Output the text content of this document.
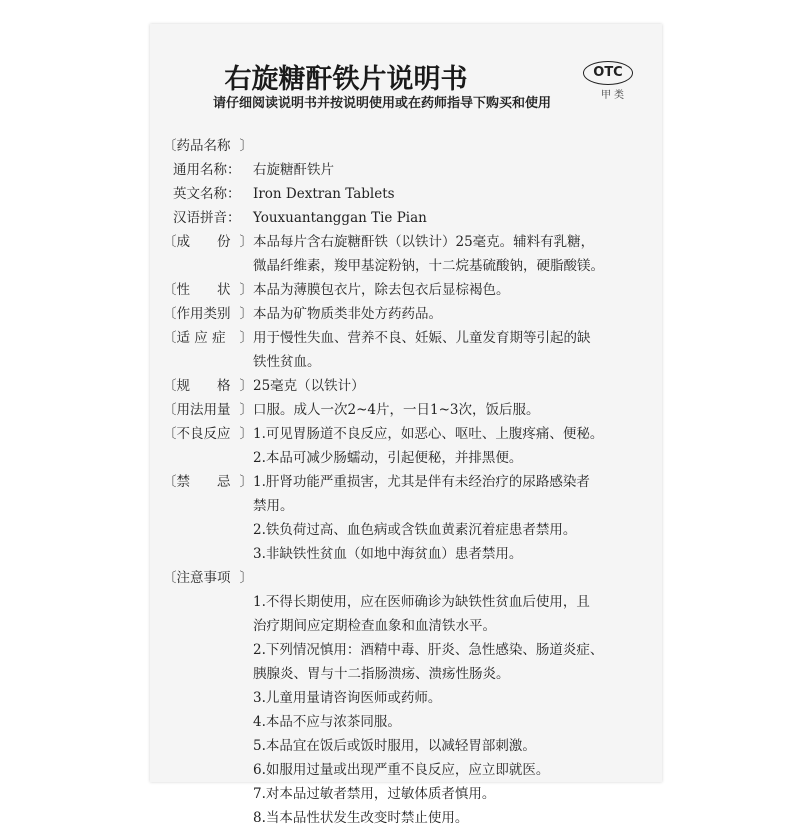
右旋糖酐铁片说明书	OTC
甲类
请仔细阅读说明书并按说明使用或在药师指导下购买和使用
〔 药品名称 〕
通用名称： 右旋糖酐铁片
英文名称： Iron Dextran Tablets
汉语拼音： Youxuantanggan Tie Pian
〔 成　　份 〕	本品每片含右旋糖酐铁（以铁计）25毫克。辅料有乳糖，
微晶纤维素，羧甲基淀粉钠，十二烷基硫酸钠，硬脂酸镁。
〔 性　　状 〕	本品为薄膜包衣片，除去包衣后显棕褐色。
〔 作用类别 〕	本品为矿物质类非处方药药品。
〔 适 应 症 〕	用于慢性失血、营养不良、妊娠、儿童发育期等引起的缺
铁性贫血。
〔 规　　格 〕	25毫克（以铁计）
〔 用法用量 〕	口服。成人一次2~4片，一日1~3次，饭后服。
〔 不良反应 〕	1.可见胃肠道不良反应，如恶心、呕吐、上腹疼痛、便秘。
2.本品可减少肠蠕动，引起便秘，并排黑便。
〔 禁　　忌 〕	1.肝肾功能严重损害，尤其是伴有未经治疗的尿路感染者
禁用。
2.铁负荷过高、血色病或含铁血黄素沉着症患者禁用。
3.非缺铁性贫血（如地中海贫血）患者禁用。
〔 注意事项 〕
1.不得长期使用，应在医师确诊为缺铁性贫血后使用，且
治疗期间应定期检查血象和血清铁水平。
2.下列情况慎用：酒精中毒、肝炎、急性感染、肠道炎症、
胰腺炎、胃与十二指肠溃疡、溃疡性肠炎。
3.儿童用量请咨询医师或药师。
4.本品不应与浓茶同服。
5.本品宜在饭后或饭时服用，以减轻胃部刺激。
6.如服用过量或出现严重不良反应，应立即就医。
7.对本品过敏者禁用，过敏体质者慎用。
8.当本品性状发生改变时禁止使用。
